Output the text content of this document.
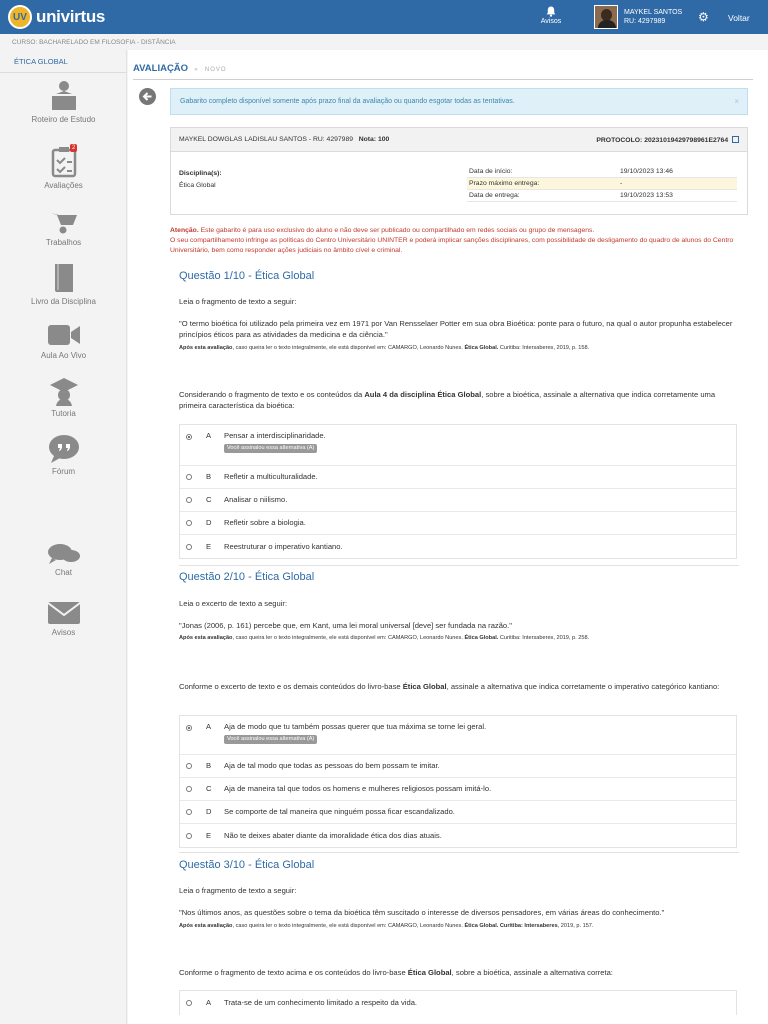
UV univirtus	Avisos
MAYKEL SANTOS
RU: 4297989	⚙ Voltar
CURSO: BACHARELADO EM FILOSOFIA - DISTÂNCIA
ÉTICA GLOBAL
Roteiro de Estudo
2
Avaliações
Trabalhos
Livro da Disciplina
Aula Ao Vivo
Tutoria
Fórum
Chat
Avisos
AVALIAÇÃO » NOVO
Gabarito completo disponível somente após prazo final da avaliação ou quando esgotar todas as tentativas.	×
MAYKEL DOWGLAS LADISLAU SANTOS - RU: 4297989 Nota: 100	PROTOCOLO: 20231019429798961E2764
Disciplina(s):
Ética Global
Data de início:	19/10/2023 13:46
Prazo máximo entrega:	-
Data de entrega:	19/10/2023 13:53
Atenção. Este gabarito é para uso exclusivo do aluno e não deve ser publicado ou compartilhado em redes sociais ou grupo de mensagens.
O seu compartilhamento infringe as políticas do Centro Universitário UNINTER e poderá implicar sanções disciplinares, com possibilidade de desligamento do quadro de alunos do Centro Universitário, bem como responder ações judiciais no âmbito cível e criminal.
Questão 1/10 - Ética Global
Leia o fragmento de texto a seguir:
"O termo bioética foi utilizado pela primeira vez em 1971 por Van Rensselaer Potter em sua obra Bioética: ponte para o futuro, na qual o autor propunha estabelecer princípios éticos para as atividades da medicina e da ciência."
Após esta avaliação, caso queira ler o texto integralmente, ele está disponível em: CAMARGO, Leonardo Nunes. Ética Global. Curitiba: Intersaberes, 2019, p. 158.
Considerando o fragmento de texto e os conteúdos da Aula 4 da disciplina Ética Global, sobre a bioética, assinale a alternativa que indica corretamente uma primeira característica da bioética:
A Pensar a interdisciplinaridade.
Você assinalou essa alternativa (A)
B Refletir a multiculturalidade.
C Analisar o niilismo.
D Refletir sobre a biologia.
E Reestruturar o imperativo kantiano.
Questão 2/10 - Ética Global
Leia o excerto de texto a seguir:
"Jonas (2006, p. 161) percebe que, em Kant, uma lei moral universal [deve] ser fundada na razão."
Após esta avaliação, caso queira ler o texto integralmente, ele está disponível em: CAMARGO, Leonardo Nunes. Ética Global. Curitiba: Intersaberes, 2019, p. 258.
Conforme o excerto de texto e os demais conteúdos do livro-base Ética Global, assinale a alternativa que indica corretamente o imperativo categórico kantiano:
A Aja de modo que tu também possas querer que tua máxima se torne lei geral.
Você assinalou essa alternativa (A)
B Aja de tal modo que todas as pessoas do bem possam te imitar.
C Aja de maneira tal que todos os homens e mulheres religiosos possam imitá-lo.
D Se comporte de tal maneira que ninguém possa ficar escandalizado.
E Não te deixes abater diante da imoralidade ética dos dias atuais.
Questão 3/10 - Ética Global
Leia o fragmento de texto a seguir:
"Nos últimos anos, as questões sobre o tema da bioética têm suscitado o interesse de diversos pensadores, em várias áreas do conhecimento."
Após esta avaliação, caso queira ler o texto integralmente, ele está disponível em: CAMARGO, Leonardo Nunes. Ética Global. Curitiba: Intersaberes, 2019, p. 157.
Conforme o fragmento de texto acima e os conteúdos do livro-base Ética Global, sobre a bioética, assinale a alternativa correta:
A Trata-se de um conhecimento limitado a respeito da vida.
